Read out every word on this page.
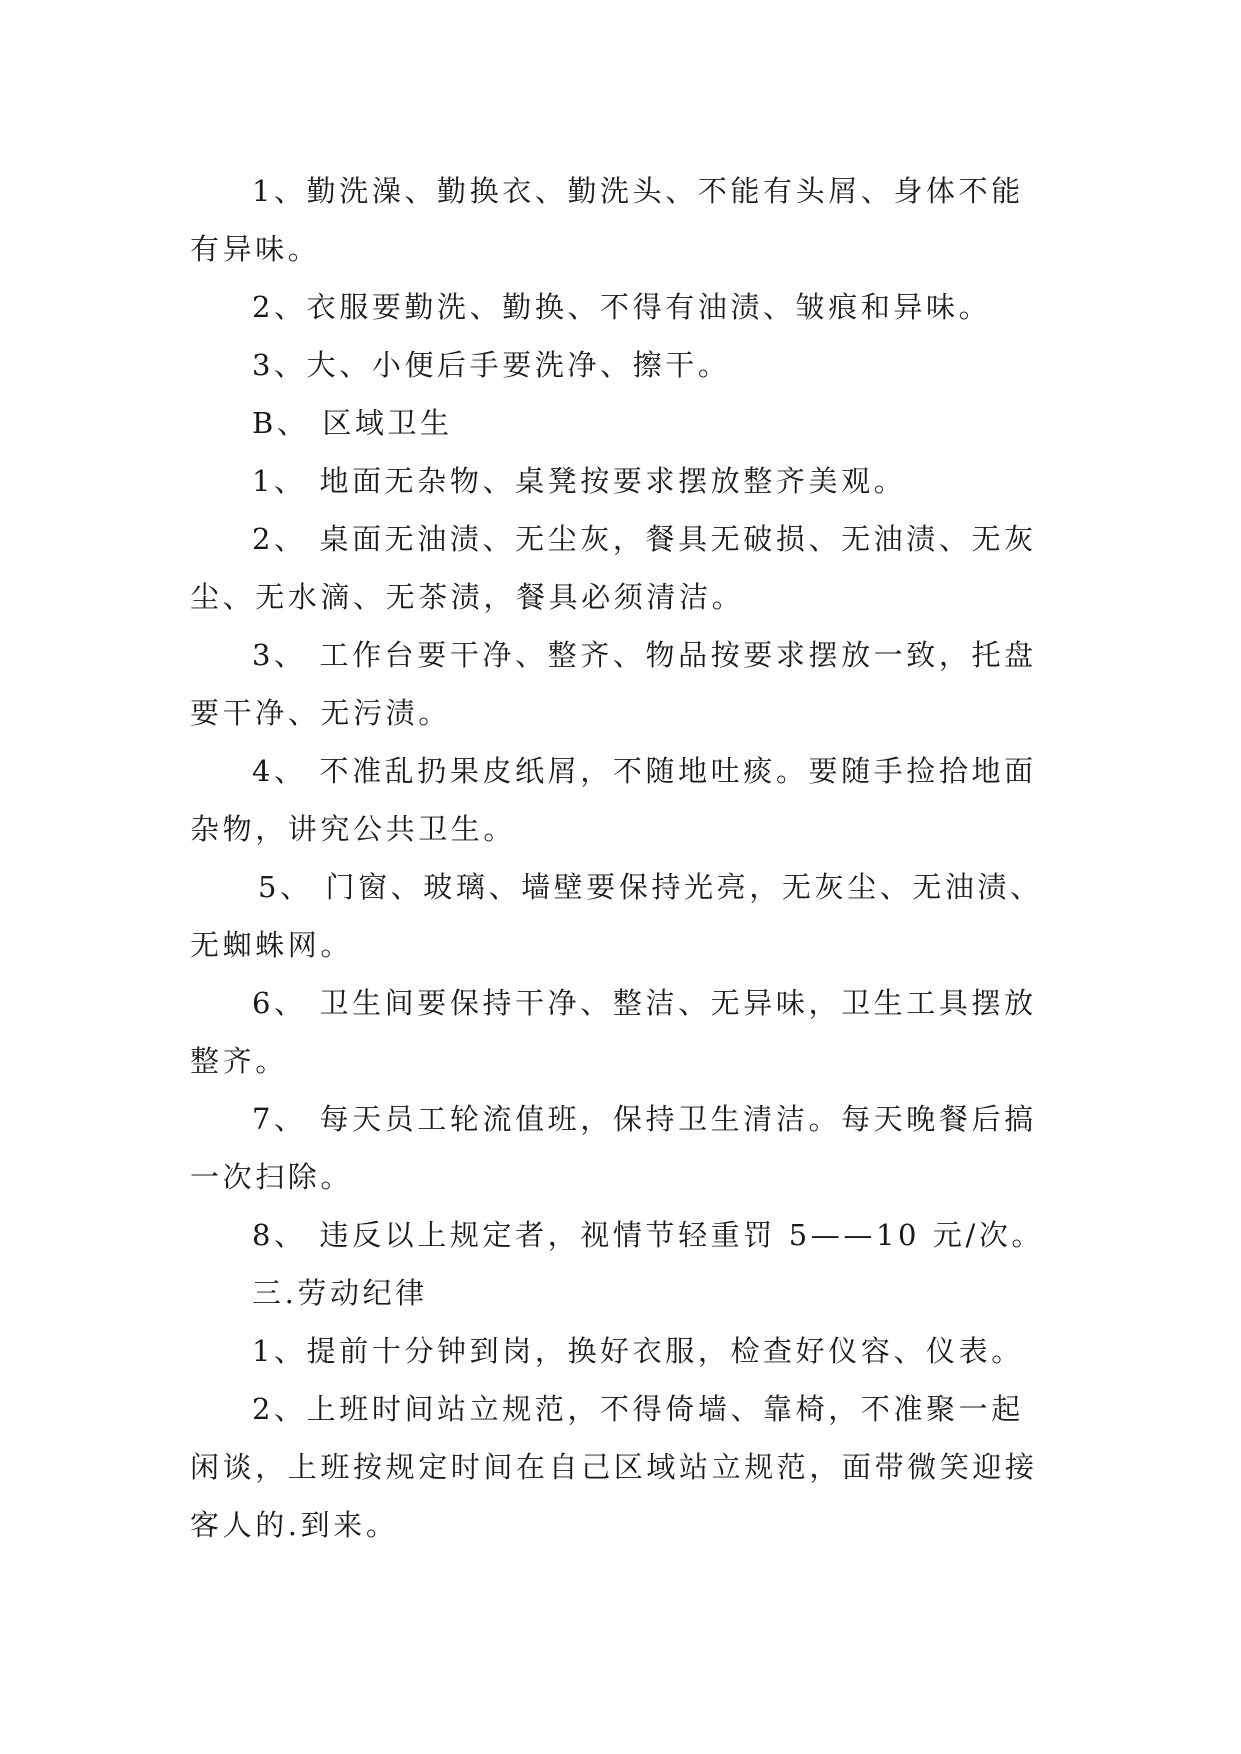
1、勤洗澡、勤换衣、勤洗头、不能有头屑、身体不能有异味。

2、衣服要勤洗、勤换、不得有油渍、皱痕和异味。

3、大、小便后手要洗净、擦干。

B、 区域卫生

1、 地面无杂物、桌凳按要求摆放整齐美观。

2、 桌面无油渍、无尘灰，餐具无破损、无油渍、无灰尘、无水滴、无茶渍，餐具必须清洁。

3、 工作台要干净、整齐、物品按要求摆放一致，托盘要干净、无污渍。

4、 不准乱扔果皮纸屑，不随地吐痰。要随手捡拾地面杂物，讲究公共卫生。

5、 门窗、玻璃、墙壁要保持光亮，无灰尘、无油渍、无蜘蛛网。

6、 卫生间要保持干净、整洁、无异味，卫生工具摆放整齐。

7、 每天员工轮流值班，保持卫生清洁。每天晚餐后搞一次扫除。

8、 违反以上规定者，视情节轻重罚 5——10 元/次。

三.劳动纪律

1、提前十分钟到岗，换好衣服，检查好仪容、仪表。

2、上班时间站立规范，不得倚墙、靠椅，不准聚一起闲谈，上班按规定时间在自己区域站立规范，面带微笑迎接客人的.到来。
